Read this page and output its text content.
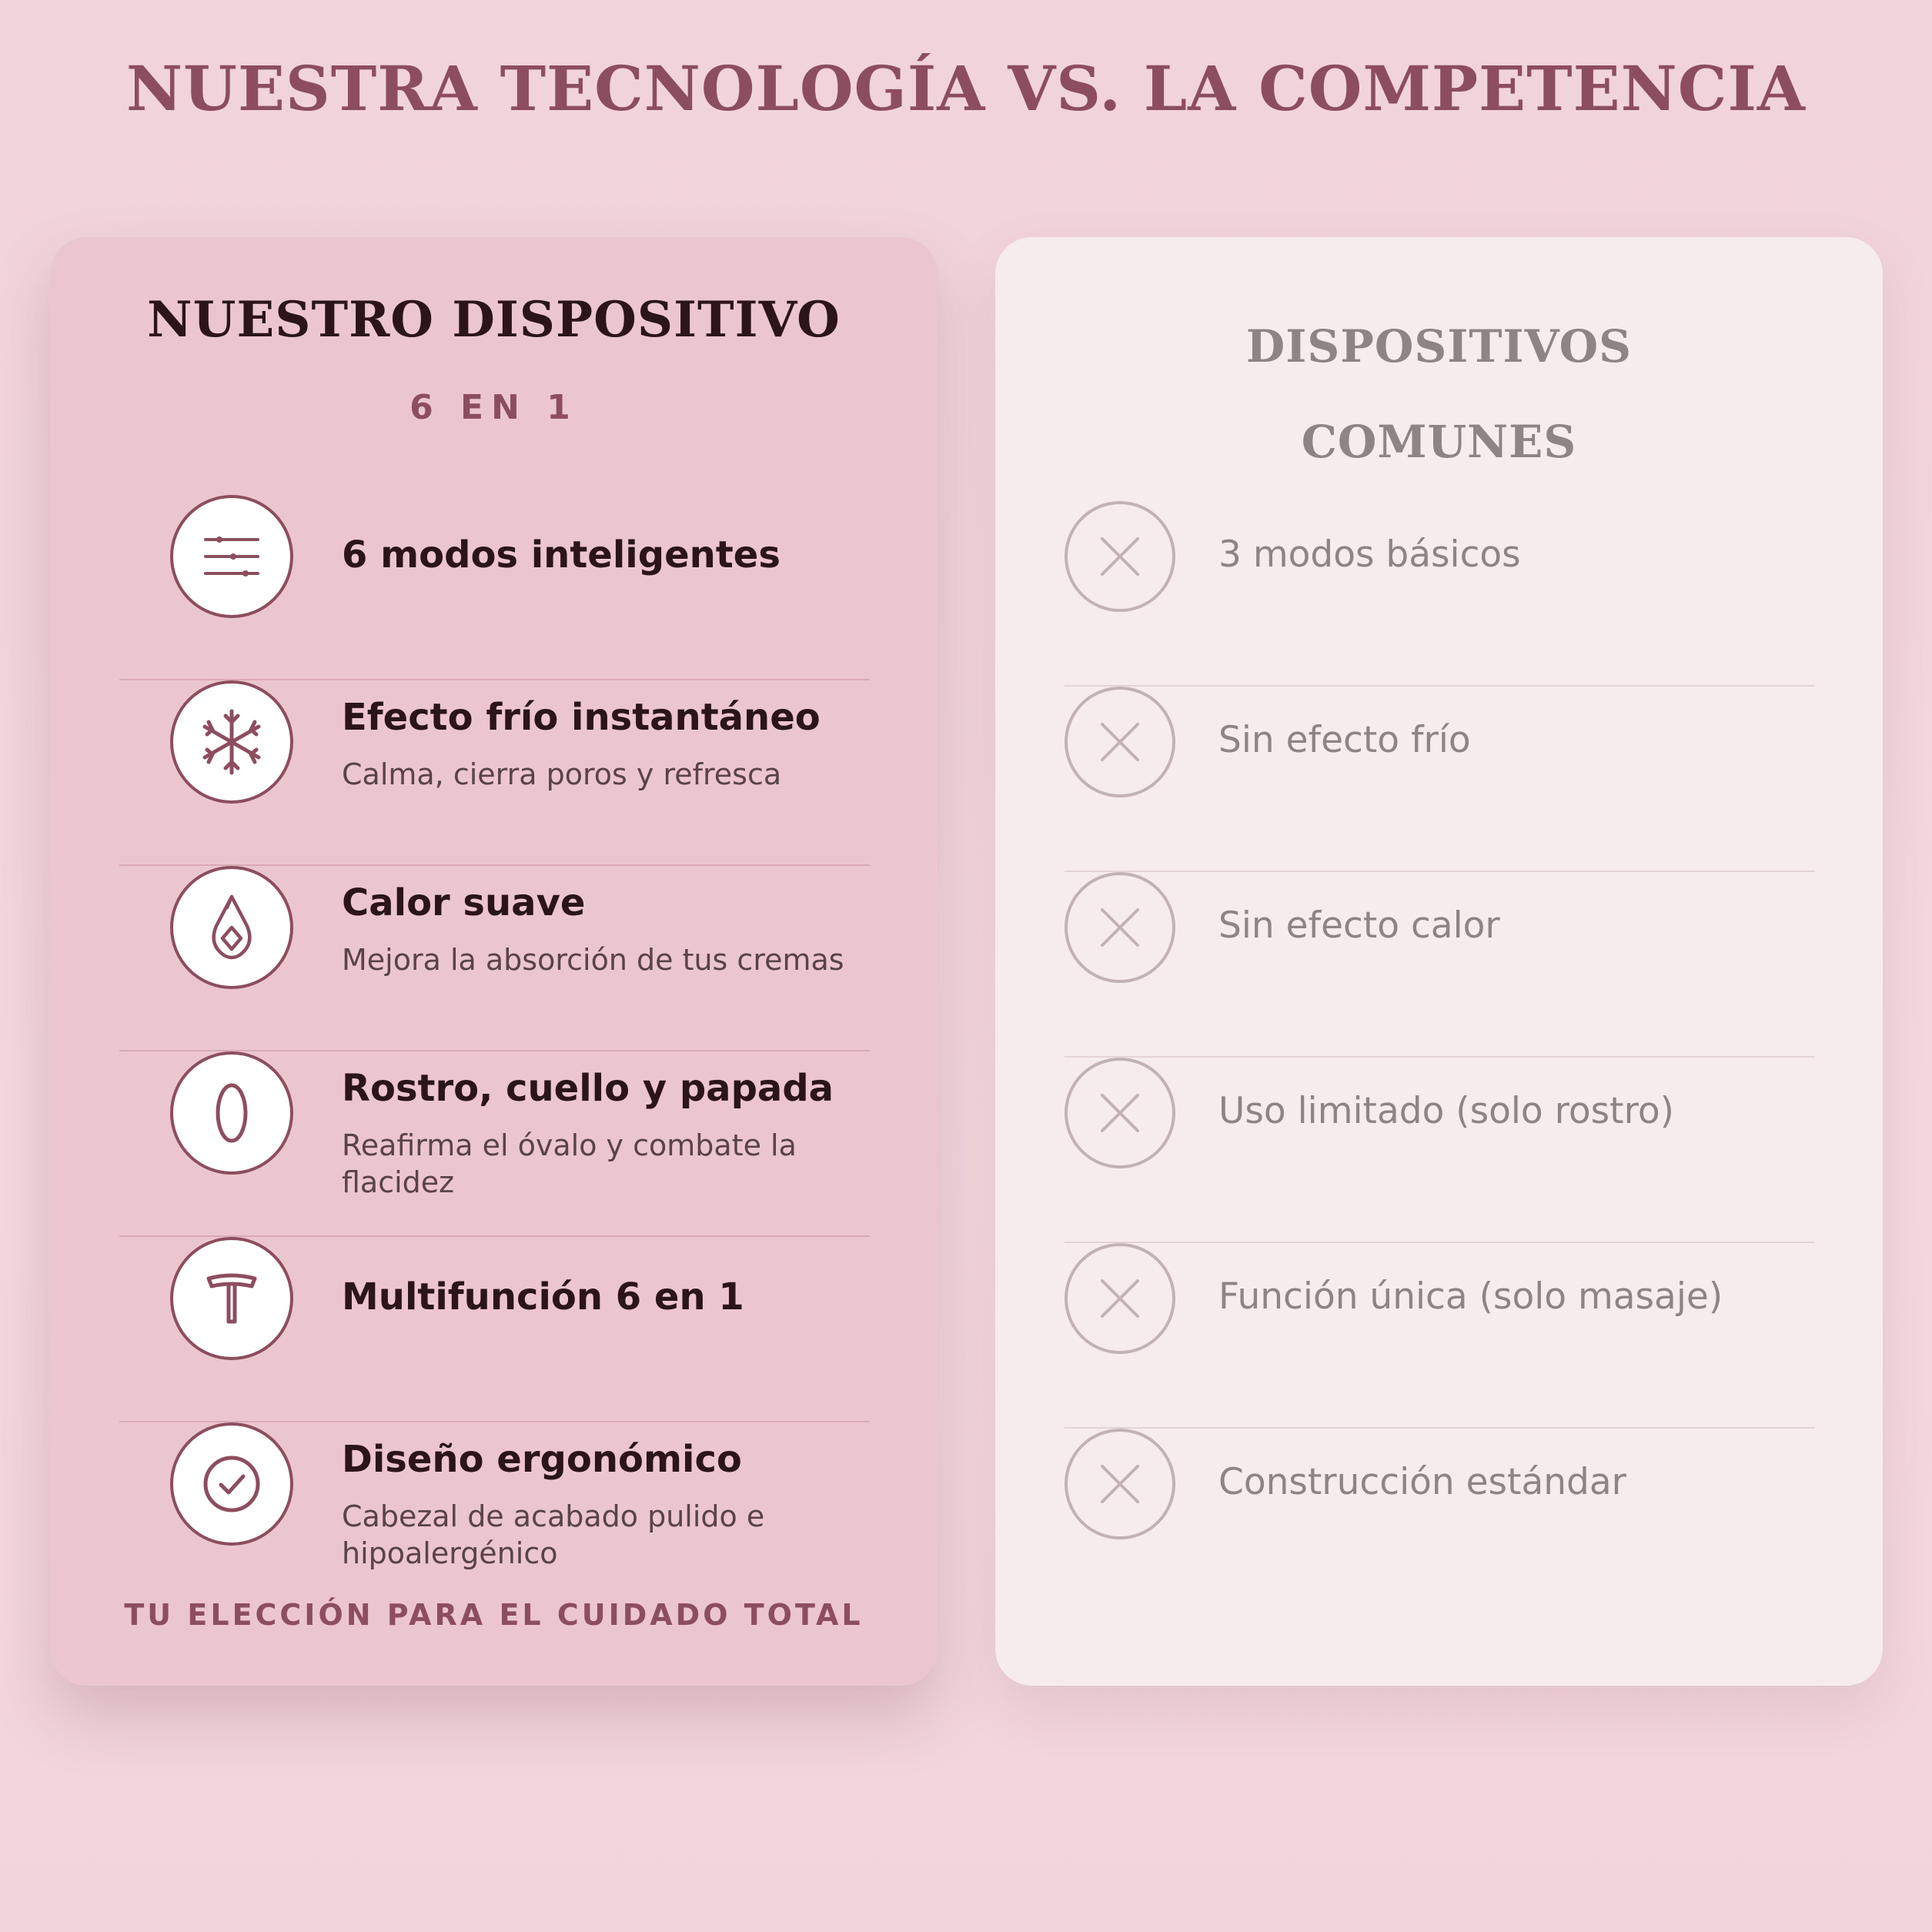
NUESTRA TECNOLOGÍA VS. LA COMPETENCIA
NUESTRO DISPOSITIVO
6 EN 1
6 modos inteligentes
Efecto frío instantáneo
Calma, cierra poros y refresca
Calor suave
Mejora la absorción de tus cremas
Rostro, cuello y papada
Reafirma el óvalo y combate la flacidez
Multifunción 6 en 1
Diseño ergonómico
Cabezal de acabado pulido e hipoalergénico
TU ELECCIÓN PARA EL CUIDADO TOTAL
DISPOSITIVOS
COMUNES
3 modos básicos
Sin efecto frío
Sin efecto calor
Uso limitado (solo rostro)
Función única (solo masaje)
Construcción estándar
